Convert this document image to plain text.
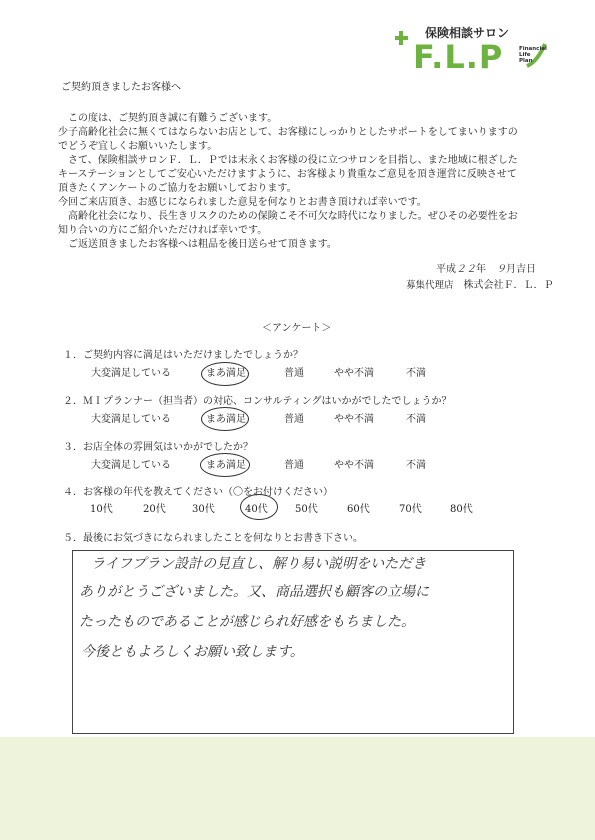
保険相談サロン
F.L.P	Financial
Life
Plan
ご契約頂きましたお客様へ
　この度は、ご契約頂き誠に有難うございます。
少子高齢化社会に無くてはならないお店として、お客様にしっかりとしたサポートをしてまいりますの
でどうぞ宜しくお願いいたします。
　さて、保険相談サロンＦ．Ｌ．Ｐでは末永くお客様の役に立つサロンを目指し、また地域に根ざした
キーステーションとしてご安心いただけますように、お客様より貴重なご意見を頂き運営に反映させて
頂きたくアンケートのご協力をお願いしております。
今回ご来店頂き、お感じになられました意見を何なりとお書き頂ければ幸いです。
　高齢化社会になり、長生きリスクのための保険こそ不可欠な時代になりました。ぜひその必要性をお
知り合いの方にご紹介いただければ幸いです。
　ご返送頂きましたお客様へは粗品を後日送らせて頂きます。
平成２２年　 ９月吉日
募集代理店　 株式会社Ｆ．Ｌ．Ｐ
＜アンケート＞
１．ご契約内容に満足はいただけましたでしょうか？
大変満足している	まあ満足	普通	やや不満	不満
２．ＭＩプランナー（担当者）の対応、コンサルティングはいかがでしたでしょうか？
大変満足している	まあ満足	普通	やや不満	不満
３．お店全体の雰囲気はいかがでしたか？
大変満足している	まあ満足	普通	やや不満	不満
４．お客様の年代を教えてください（〇をお付けください）
10代	20代	30代	40代	50代	60代	70代	80代
５．最後にお気づきになられましたことを何なりとお書き下さい。
ライフプラン設計の見直し、解り易い説明をいただき
ありがとうございました。又、商品選択も顧客の立場に
たったものであることが感じられ好感をもちました。
今後ともよろしくお願い致します。
